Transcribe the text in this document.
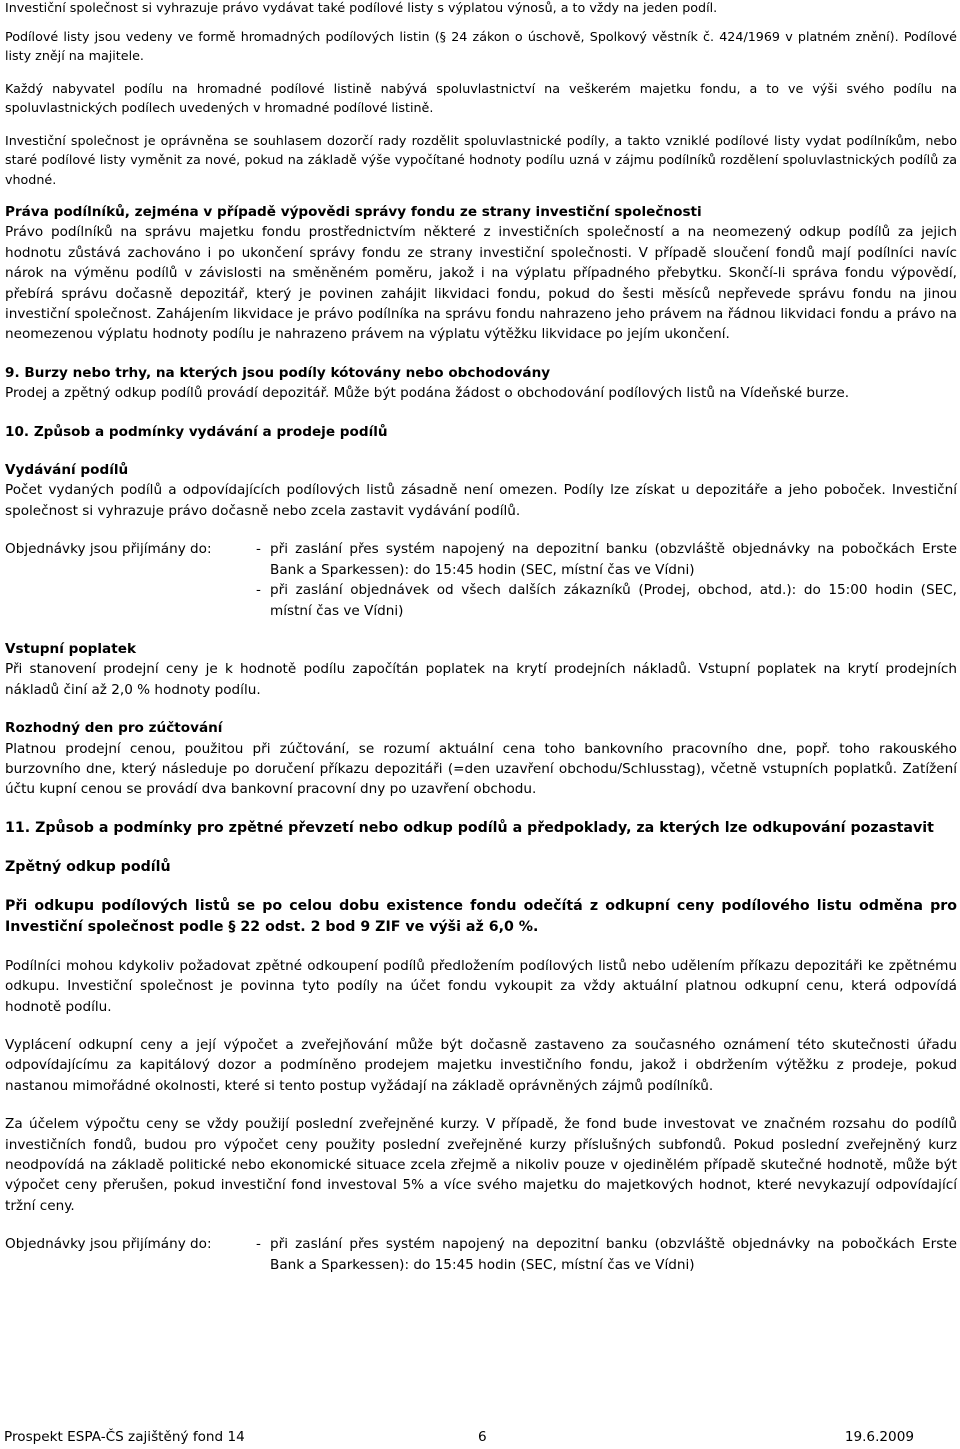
Investiční společnost si vyhrazuje právo vydávat také podílové listy s výplatou výnosů, a to vždy na jeden podíl.

Podílové listy jsou vedeny ve formě hromadných podílových listin (§ 24 zákon o úschově, Spolkový věstník č. 424/1969 v platném znění). Podílové listy znějí na majitele.

Každý nabyvatel podílu na hromadné podílové listině nabývá spoluvlastnictví na veškerém majetku fondu, a to ve výši svého podílu na spoluvlastnických podílech uvedených v hromadné podílové listině.

Investiční společnost je oprávněna se souhlasem dozorčí rady rozdělit spoluvlastnické podíly, a takto vzniklé podílové listy vydat podílníkům, nebo staré podílové listy vyměnit za nové, pokud na základě výše vypočítané hodnoty podílu uzná v zájmu podílníků rozdělení spoluvlastnických podílů za vhodné.

Práva podílníků, zejména v případě výpovědi správy fondu ze strany investiční společnosti

Právo podílníků na správu majetku fondu prostřednictvím některé z investičních společností a na neomezený odkup podílů za jejich hodnotu zůstává zachováno i po ukončení správy fondu ze strany investiční společnosti. V případě sloučení fondů mají podílníci navíc nárok na výměnu podílů v závislosti na směněném poměru, jakož i na výplatu případného přebytku. Skončí-li správa fondu výpovědí, přebírá správu dočasně depozitář, který je povinen zahájit likvidaci fondu, pokud do šesti měsíců nepřevede správu fondu na jinou investiční společnost. Zahájením likvidace je právo podílníka na správu fondu nahrazeno jeho právem na řádnou likvidaci fondu a právo na neomezenou výplatu hodnoty podílu je nahrazeno právem na výplatu výtěžku likvidace po jejím ukončení.

9. Burzy nebo trhy, na kterých jsou podíly kótovány nebo obchodovány

Prodej a zpětný odkup podílů provádí depozitář. Může být podána žádost o obchodování podílových listů na Vídeňské burze.

10. Způsob a podmínky vydávání a prodeje podílů

Vydávání podílů

Počet vydaných podílů a odpovídajících podílových listů zásadně není omezen. Podíly lze získat u depozitáře a jeho poboček. Investiční společnost si vyhrazuje právo dočasně nebo zcela zastavit vydávání podílů.

Objednávky jsou přijímány do:	- při zaslání přes systém napojený na depozitní banku (obzvláště objednávky na pobočkách Erste Bank a Sparkessen): do 15:45 hodin (SEC, místní čas ve Vídni)
- při zaslání objednávek od všech dalších zákazníků (Prodej, obchod, atd.): do 15:00 hodin (SEC, místní čas ve Vídni)

Vstupní poplatek

Při stanovení prodejní ceny je k hodnotě podílu započítán poplatek na krytí prodejních nákladů. Vstupní poplatek na krytí prodejních nákladů činí až 2,0 % hodnoty podílu.

Rozhodný den pro zúčtování

Platnou prodejní cenou, použitou při zúčtování, se rozumí aktuální cena toho bankovního pracovního dne, popř. toho rakouského burzovního dne, který následuje po doručení příkazu depozitáři (=den uzavření obchodu/Schlusstag), včetně vstupních poplatků. Zatížení účtu kupní cenou se provádí dva bankovní pracovní dny po uzavření obchodu.

11. Způsob a podmínky pro zpětné převzetí nebo odkup podílů a předpoklady, za kterých lze odkupování pozastavit

Zpětný odkup podílů

Při odkupu podílových listů se po celou dobu existence fondu odečítá z odkupní ceny podílového listu odměna pro Investiční společnost podle § 22 odst. 2 bod 9 ZIF ve výši až 6,0 %.

Podílníci mohou kdykoliv požadovat zpětné odkoupení podílů předložením podílových listů nebo udělením příkazu depozitáři ke zpětnému odkupu. Investiční společnost je povinna tyto podíly na účet fondu vykoupit za vždy aktuální platnou odkupní cenu, která odpovídá hodnotě podílu.

Vyplácení odkupní ceny a její výpočet a zveřejňování může být dočasně zastaveno za současného oznámení této skutečnosti úřadu odpovídajícímu za kapitálový dozor a podmíněno prodejem majetku investičního fondu, jakož i obdržením výtěžku z prodeje, pokud nastanou mimořádné okolnosti, které si tento postup vyžádají na základě oprávněných zájmů podílníků.

Za účelem výpočtu ceny se vždy použijí poslední zveřejněné kurzy. V případě, že fond bude investovat ve značném rozsahu do podílů investičních fondů, budou pro výpočet ceny použity poslední zveřejněné kurzy příslušných subfondů. Pokud poslední zveřejněný kurz neodpovídá na základě politické nebo ekonomické situace zcela zřejmě a nikoliv pouze v ojedinělém případě skutečné hodnotě, může být výpočet ceny přerušen, pokud investiční fond investoval 5% a více svého majetku do majetkových hodnot, které nevykazují odpovídající tržní ceny.

Objednávky jsou přijímány do:	- při zaslání přes systém napojený na depozitní banku (obzvláště objednávky na pobočkách Erste Bank a Sparkessen): do 15:45 hodin (SEC, místní čas ve Vídni)
Prospekt ESPA-ČS zajištěný fond 14	6	19.6.2009
